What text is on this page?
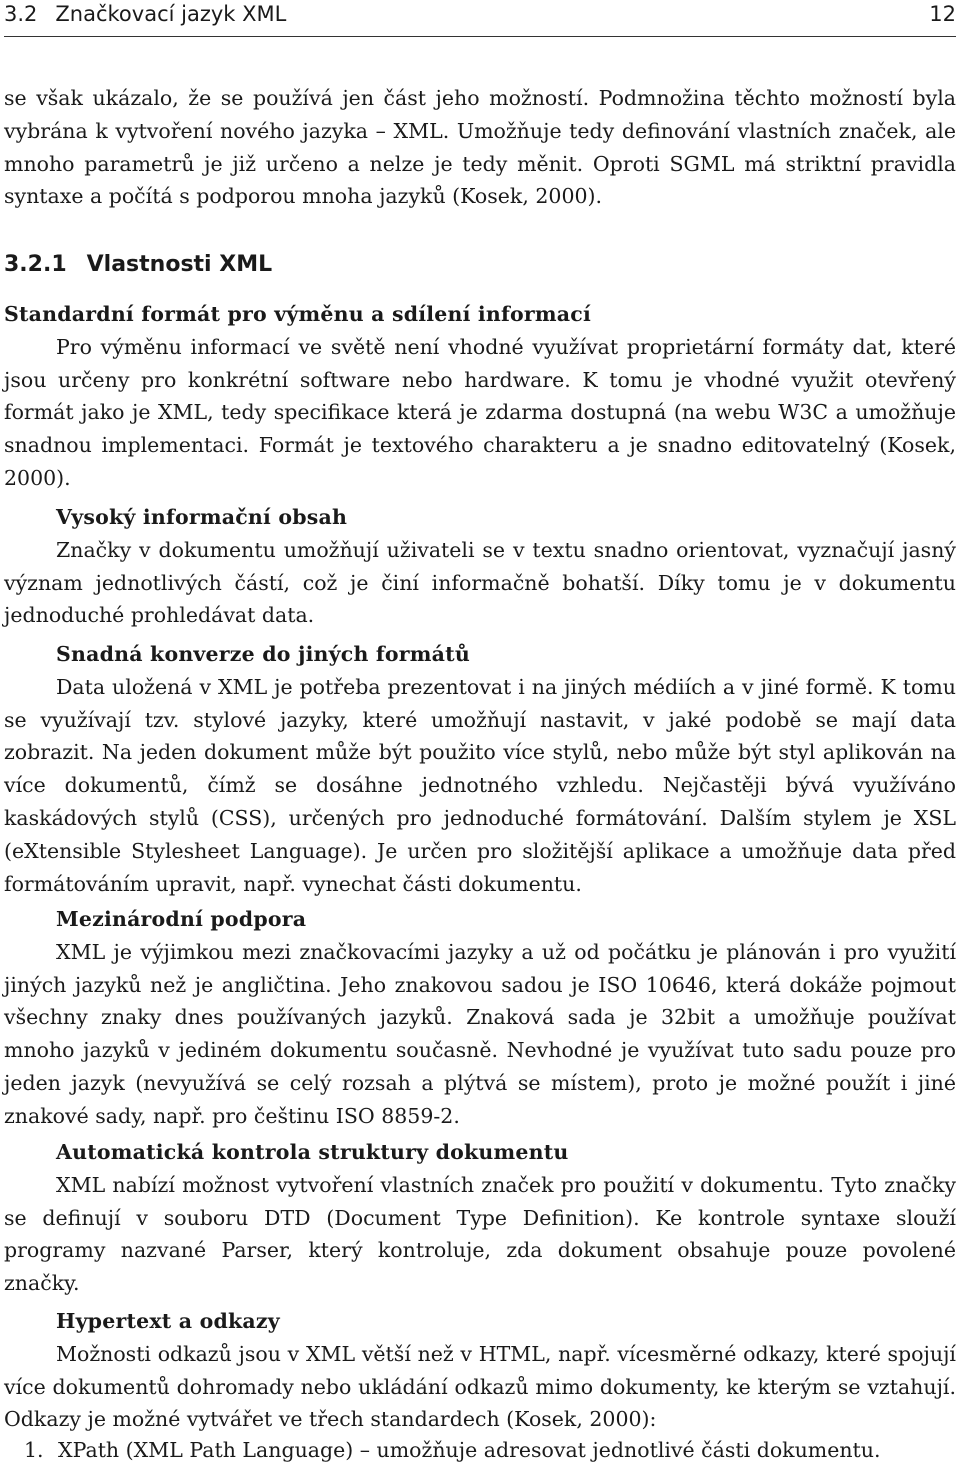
3.2 Značkovací jazyk XML	12

se však ukázalo, že se používá jen část jeho možností. Podmnožina těchto možností byla vybrána k vytvoření nového jazyka – XML. Umožňuje tedy definování vlastních značek, ale mnoho parametrů je již určeno a nelze je tedy měnit. Oproti SGML má striktní pravidla syntaxe a počítá s podporou mnoha jazyků (Kosek, 2000).

3.2.1 Vlastnosti XML
Standardní formát pro výměnu a sdílení informací

Pro výměnu informací ve světě není vhodné využívat proprietární formáty dat, které jsou určeny pro konkrétní software nebo hardware. K tomu je vhodné využit otevřený formát jako je XML, tedy specifikace která je zdarma dostupná (na webu W3C a umožňuje snadnou implementaci. Formát je textového charakteru a je snadno editovatelný (Kosek, 2000).

Vysoký informační obsah

Značky v dokumentu umožňují uživateli se v textu snadno orientovat, vyznačují jasný význam jednotlivých částí, což je činí informačně bohatší. Díky tomu je v dokumentu jednoduché prohledávat data.

Snadná konverze do jiných formátů

Data uložená v XML je potřeba prezentovat i na jiných médiích a v jiné formě. K tomu se využívají tzv. stylové jazyky, které umožňují nastavit, v jaké podobě se mají data zobrazit. Na jeden dokument může být použito více stylů, nebo může být styl aplikován na více dokumentů, čímž se dosáhne jednotného vzhledu. Nejčastěji bývá využíváno kaskádových stylů (CSS), určených pro jednoduché formátování. Dalším stylem je XSL (eXtensible Stylesheet Language). Je určen pro složitější aplikace a umožňuje data před formátováním upravit, např. vynechat části dokumentu.

Mezinárodní podpora

XML je výjimkou mezi značkovacími jazyky a už od počátku je plánován i pro využití jiných jazyků než je angličtina. Jeho znakovou sadou je ISO 10646, která dokáže pojmout všechny znaky dnes používaných jazyků. Znaková sada je 32bit a umožňuje používat mnoho jazyků v jediném dokumentu současně. Nevhodné je využívat tuto sadu pouze pro jeden jazyk (nevyužívá se celý rozsah a plýtvá se místem), proto je možné použít i jiné znakové sady, např. pro češtinu ISO 8859-2.

Automatická kontrola struktury dokumentu

XML nabízí možnost vytvoření vlastních značek pro použití v dokumentu. Tyto značky se definují v souboru DTD (Document Type Definition). Ke kontrole syntaxe slouží programy nazvané Parser, který kontroluje, zda dokument obsahuje pouze povolené značky.

Hypertext a odkazy

Možnosti odkazů jsou v XML větší než v HTML, např. vícesměrné odkazy, které spojují více dokumentů dohromady nebo ukládání odkazů mimo dokumenty, ke kterým se vztahují. Odkazy je možné vytvářet ve třech standardech (Kosek, 2000):

1. XPath (XML Path Language) – umožňuje adresovat jednotlivé části dokumentu.
